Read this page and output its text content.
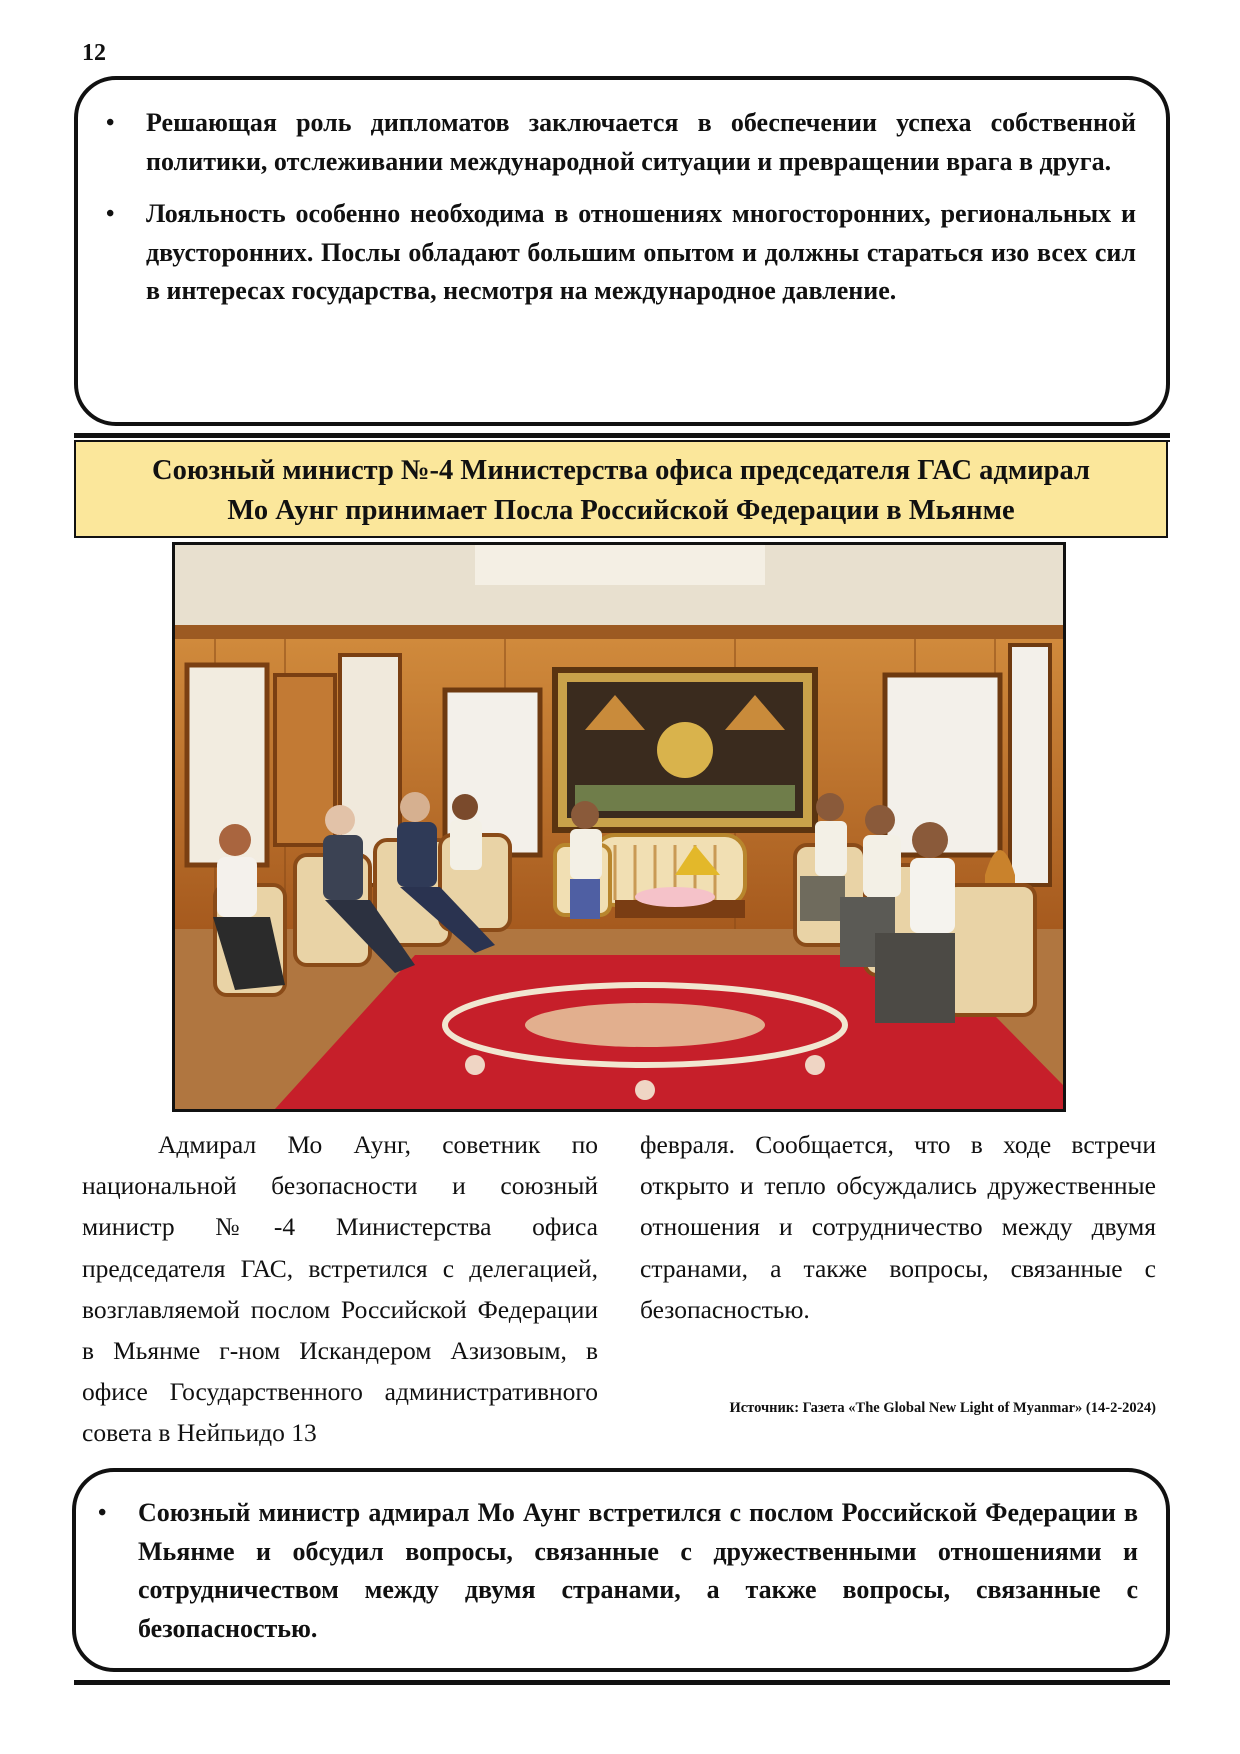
12
• Решающая роль дипломатов заключается в обеспечении успеха собственной политики, отслеживании международной ситуации и превращении врага в друга.
• Лояльность особенно необходима в отношениях многосторонних, региональных и двусторонних. Послы обладают большим опытом и должны стараться изо всех сил в интересах государства, несмотря на международное давление.
Союзный министр №-4 Министерства офиса председателя ГАС адмирал
Мо Аунг принимает Посла Российской Федерации в Мьянме

Адмирал Мо Аунг, советник по национальной безопасности и союзный министр №-4 Министерства офиса председателя ГАС, встретился с делегацией, возглавляемой послом Российской Федерации в Мьянме г-ном Искандером Азизовым, в офисе Государственного административного совета в Нейпьидо 13

февраля. Сообщается, что в ходе встречи открыто и тепло обсуждались дружественные отношения и сотрудничество между двумя странами, а также вопросы, связанные с безопасностью.

Источник: Газета «The Global New Light of Myanmar» (14-2-2024)
• Союзный министр адмирал Мо Аунг встретился с послом Российской Федерации в Мьянме и обсудил вопросы, связанные с дружественными отношениями и сотрудничеством между двумя странами, а также вопросы, связанные с безопасностью.
